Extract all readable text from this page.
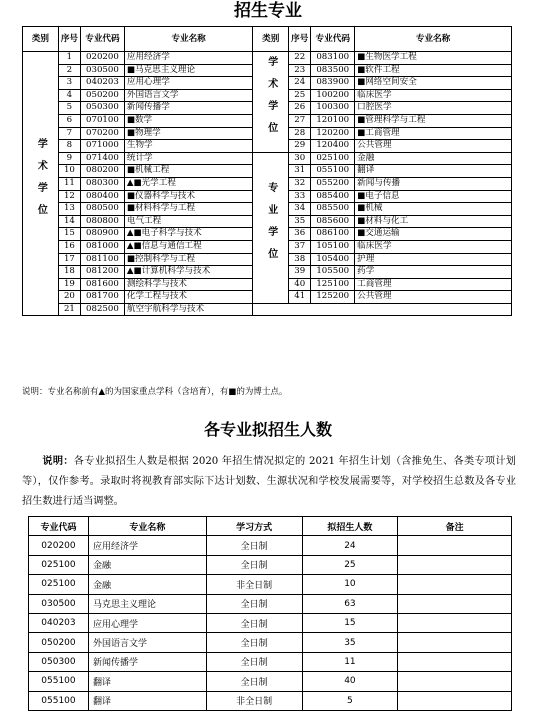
招生专业
类别	序号	专业代码	专业名称	类别	序号	专业代码	专业名称
学术学位	1	020200	应用经济学	学术学位	22	083100	■生物医学工程
	2	030500	■马克思主义理论		23	083500	■软件工程
	3	040203	应用心理学		24	083900	■网络空间安全
	4	050200	外国语言文学		25	100200	临床医学
	5	050300	新闻传播学		26	100300	口腔医学
	6	070100	■数学		27	120100	■管理科学与工程
	7	070200	■物理学		28	120200	■工商管理
	8	071000	生物学		29	120400	公共管理
	9	071400	统计学	专业学位	30	025100	金融
	10	080200	■机械工程		31	055100	翻译
	11	080300	▲■光学工程		32	055200	新闻与传播
	12	080400	■仪器科学与技术		33	085400	■电子信息
	13	080500	■材料科学与工程		34	085500	■机械
	14	080800	电气工程		35	085600	■材料与化工
	15	080900	▲■电子科学与技术		36	086100	■交通运输
	16	081000	▲■信息与通信工程		37	105100	临床医学
	17	081100	■控制科学与工程		38	105400	护理
	18	081200	▲■计算机科学与技术		39	105500	药学
	19	081600	测绘科学与技术		40	125100	工商管理
	20	081700	化学工程与技术		41	125200	公共管理
	21	082500	航空宇航科学与技术				
说明：专业名称前有▲的为国家重点学科（含培育），有■的为博士点。
各专业拟招生人数
说明：各专业拟招生人数是根据 2020 年招生情况拟定的 2021 年招生计划（含推免生、各类专项计划等），仅作参考。录取时将视教育部实际下达计划数、生源状况和学校发展需要等，对学校招生总数及各专业招生数进行适当调整。
专业代码	专业名称	学习方式	拟招生人数	备注
020200	应用经济学	全日制	24	
025100	金融	全日制	25	
025100	金融	非全日制	10	
030500	马克思主义理论	全日制	63	
040203	应用心理学	全日制	15	
050200	外国语言文学	全日制	35	
050300	新闻传播学	全日制	11	
055100	翻译	全日制	40	
055100	翻译	非全日制	5	
